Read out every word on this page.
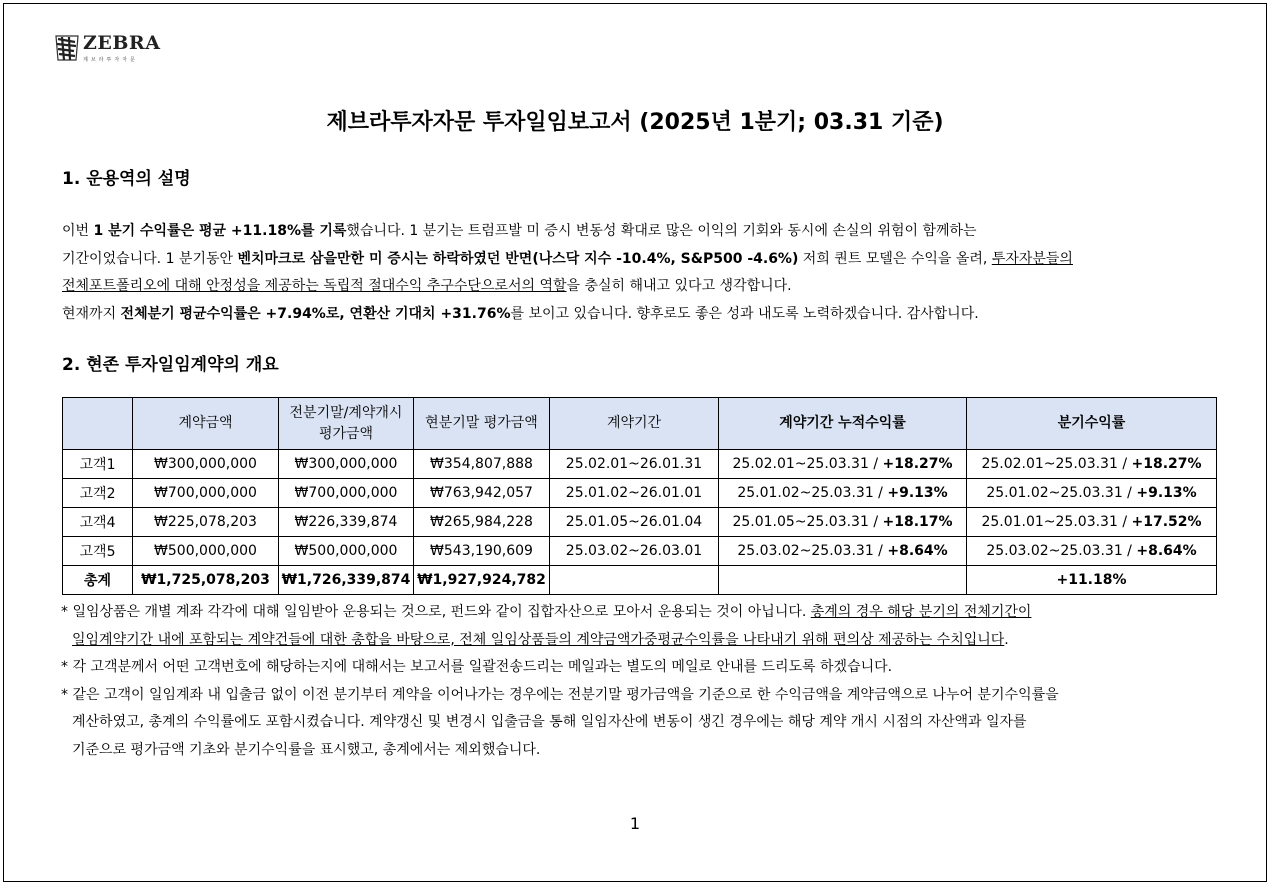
ZEBRA
제브라투자자문
제브라투자자문 투자일임보고서 (2025년 1분기; 03.31 기준)
1. 운용역의 설명
이번 1 분기 수익률은 평균 +11.18%를 기록했습니다. 1 분기는 트럼프발 미 증시 변동성 확대로 많은 이익의 기회와 동시에 손실의 위험이 함께하는
기간이었습니다. 1 분기동안 벤치마크로 삼을만한 미 증시는 하락하였던 반면(나스닥 지수 -10.4%, S&P500 -4.6%) 저희 퀀트 모델은 수익을 올려, 투자자분들의
전체포트폴리오에 대해 안정성을 제공하는 독립적 절대수익 추구수단으로서의 역할을 충실히 해내고 있다고 생각합니다.
현재까지 전체분기 평균수익률은 +7.94%로, 연환산 기대치 +31.76%를 보이고 있습니다. 향후로도 좋은 성과 내도록 노력하겠습니다. 감사합니다.
2. 현존 투자일임계약의 개요
	계약금액	전분기말/계약개시
평가금액	현분기말 평가금액	계약기간	계약기간 누적수익률	분기수익률
고객1	₩300,000,000	₩300,000,000	₩354,807,888	25.02.01~26.01.31	25.02.01~25.03.31 / +18.27%	25.02.01~25.03.31 / +18.27%
고객2	₩700,000,000	₩700,000,000	₩763,942,057	25.01.02~26.01.01	25.01.02~25.03.31 / +9.13%	25.01.02~25.03.31 / +9.13%
고객4	₩225,078,203	₩226,339,874	₩265,984,228	25.01.05~26.01.04	25.01.05~25.03.31 / +18.17%	25.01.01~25.03.31 / +17.52%
고객5	₩500,000,000	₩500,000,000	₩543,190,609	25.03.02~26.03.01	25.03.02~25.03.31 / +8.64%	25.03.02~25.03.31 / +8.64%
총계	₩1,725,078,203	₩1,726,339,874	₩1,927,924,782			+11.18%
* 일임상품은 개별 계좌 각각에 대해 일임받아 운용되는 것으로, 펀드와 같이 집합자산으로 모아서 운용되는 것이 아닙니다. 총계의 경우 해당 분기의 전체기간이
일임계약기간 내에 포함되는 계약건들에 대한 총합을 바탕으로, 전체 일임상품들의 계약금액가중평균수익률을 나타내기 위해 편의상 제공하는 수치입니다.
* 각 고객분께서 어떤 고객번호에 해당하는지에 대해서는 보고서를 일괄전송드리는 메일과는 별도의 메일로 안내를 드리도록 하겠습니다.
* 같은 고객이 일임계좌 내 입출금 없이 이전 분기부터 계약을 이어나가는 경우에는 전분기말 평가금액을 기준으로 한 수익금액을 계약금액으로 나누어 분기수익률을
계산하였고, 총계의 수익률에도 포함시켰습니다. 계약갱신 및 변경시 입출금을 통해 일임자산에 변동이 생긴 경우에는 해당 계약 개시 시점의 자산액과 일자를
기준으로 평가금액 기초와 분기수익률을 표시했고, 총계에서는 제외했습니다.
1
